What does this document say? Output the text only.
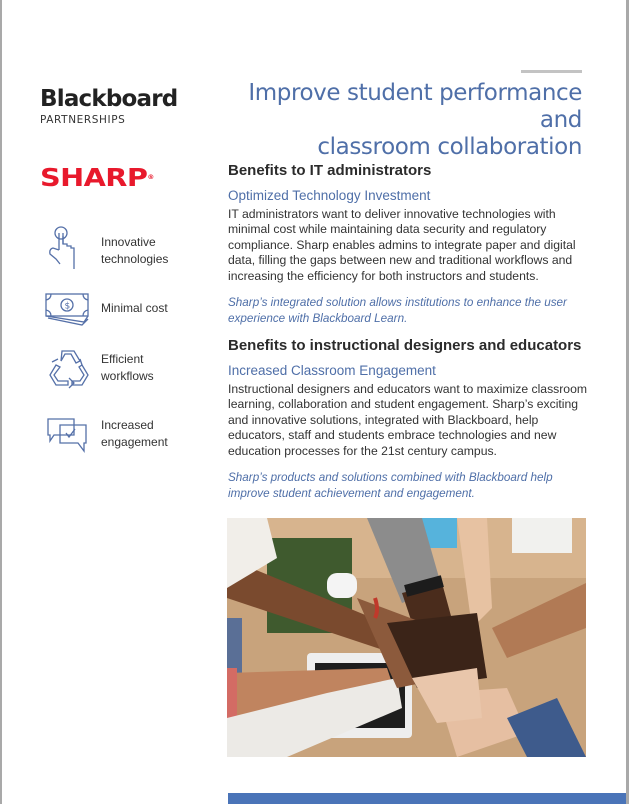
Blackboard
PARTNERSHIPS
SHARP®
Innovative
technologies
$	Minimal cost
Efficient
workflows
Increased
engagement
Improve student performance and
classroom collaboration
Benefits to IT administrators
Optimized Technology Investment
IT administrators want to deliver innovative technologies with minimal cost while maintaining data security and regulatory compliance. Sharp enables admins to integrate paper and digital data, filling the gaps between new and traditional workflows and increasing the efficiency for both instructors and students.
Sharp’s integrated solution allows institutions to enhance the user experience with Blackboard Learn.
Benefits to instructional designers and educators
Increased Classroom Engagement
Instructional designers and educators want to maximize classroom learning, collaboration and student engagement. Sharp’s exciting and innovative solutions, integrated with Blackboard, help educators, staff and students embrace technologies and new education processes for the 21st century campus.
Sharp’s products and solutions combined with Blackboard help improve student achievement and engagement.
